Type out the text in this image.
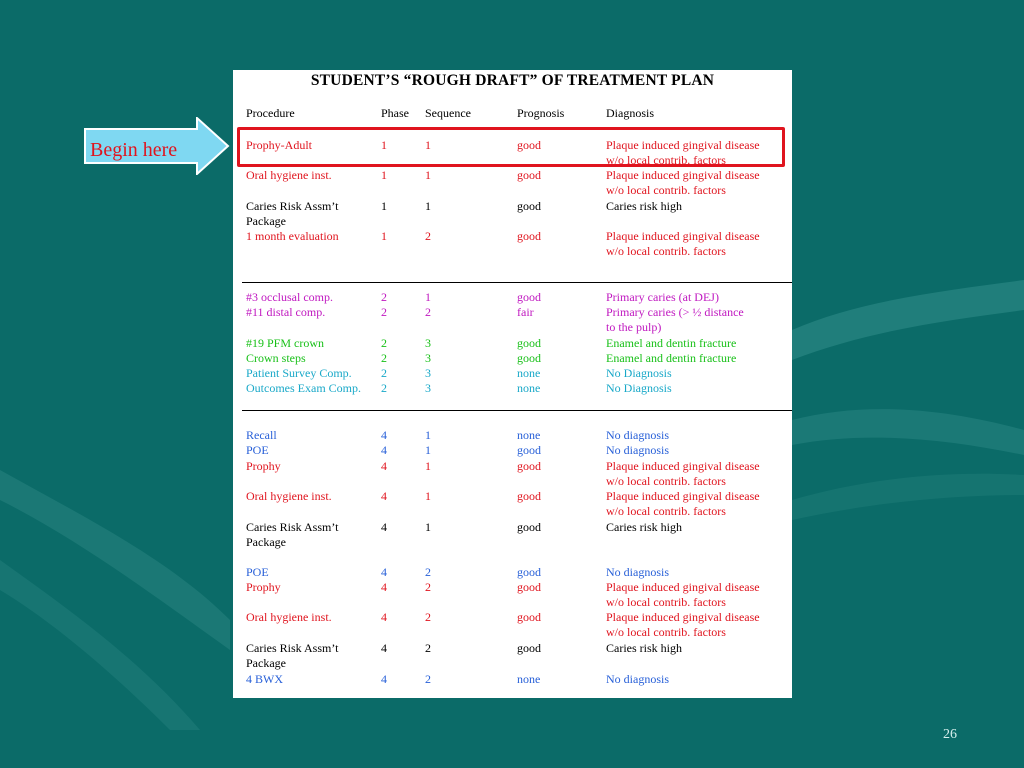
STUDENT’S “ROUGH DRAFT” OF TREATMENT PLAN
Procedure	Phase Sequence	Prognosis	Diagnosis
Prophy-Adult	1	1	good	Plaque induced gingival disease
w/o local contrib. factors
Oral hygiene inst.	1	1	good	Plaque induced gingival disease
w/o local contrib. factors
Caries Risk Assm’t
Package
1	1	good	Caries risk high
1 month evaluation	1	2	good	Plaque induced gingival disease
w/o local contrib. factors
#3 occlusal comp.	2	1	good	Primary caries (at DEJ)
#11 distal comp.	2	2	fair	Primary caries (> ½ distance
to the pulp)
#19 PFM crown	2	3	good	Enamel and dentin fracture
Crown steps	2	3	good	Enamel and dentin fracture
Patient Survey Comp. 2	3	none	No Diagnosis
Outcomes Exam Comp. 2	3	none	No Diagnosis
Recall	4	1	none	No diagnosis
POE	4	1	good	No diagnosis
Prophy	4	1	good	Plaque induced gingival disease
w/o local contrib. factors
Oral hygiene inst.	4	1	good	Plaque induced gingival disease
w/o local contrib. factors
Caries Risk Assm’t
Package
4	1	good	Caries risk high
POE	4	2	good	No diagnosis
Prophy	4	2	good	Plaque induced gingival disease
w/o local contrib. factors
Oral hygiene inst.	4	2	good	Plaque induced gingival disease
w/o local contrib. factors
Caries Risk Assm’t
Package
4	2	good	Caries risk high
4 BWX	4	2	none	No diagnosis
Begin here
26
